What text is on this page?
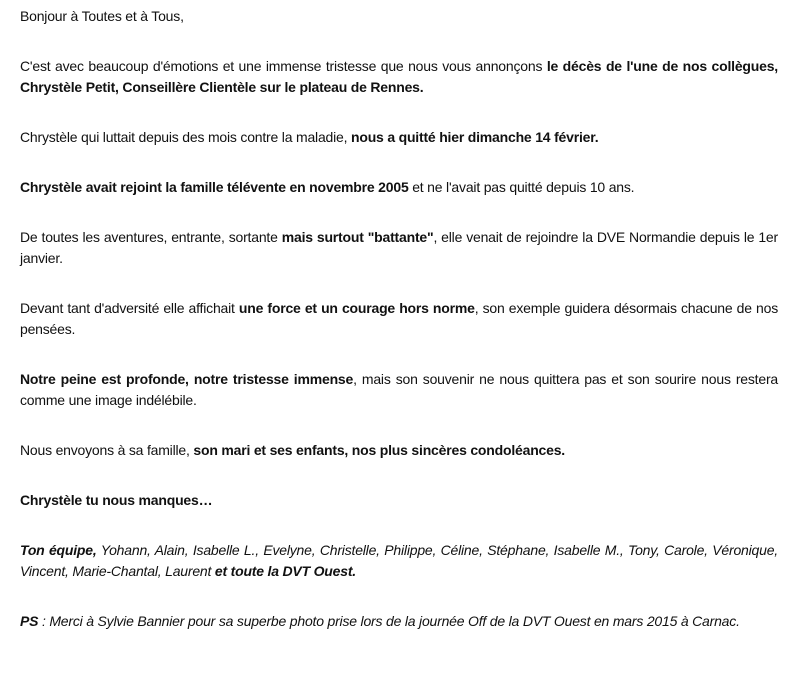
Bonjour à Toutes et à Tous,

C'est avec beaucoup d'émotions et une immense tristesse que nous vous annonçons le décès de l'une de nos collègues, Chrystèle Petit, Conseillère Clientèle sur le plateau de Rennes.

Chrystèle qui luttait depuis des mois contre la maladie, nous a quitté hier dimanche 14 février.

Chrystèle avait rejoint la famille télévente en novembre 2005 et ne l'avait pas quitté depuis 10 ans.

De toutes les aventures, entrante, sortante mais surtout "battante", elle venait de rejoindre la DVE Normandie depuis le 1er janvier.

Devant tant d'adversité elle affichait une force et un courage hors norme, son exemple guidera désormais chacune de nos pensées.

Notre peine est profonde, notre tristesse immense, mais son souvenir ne nous quittera pas et son sourire nous restera comme une image indélébile.

Nous envoyons à sa famille, son mari et ses enfants, nos plus sincères condoléances.

Chrystèle tu nous manques…

Ton équipe, Yohann, Alain, Isabelle L., Evelyne, Christelle, Philippe, Céline, Stéphane, Isabelle M., Tony, Carole, Véronique, Vincent, Marie-Chantal, Laurent et toute la DVT Ouest.

PS : Merci à Sylvie Bannier pour sa superbe photo prise lors de la journée Off de la DVT Ouest en mars 2015 à Carnac.
